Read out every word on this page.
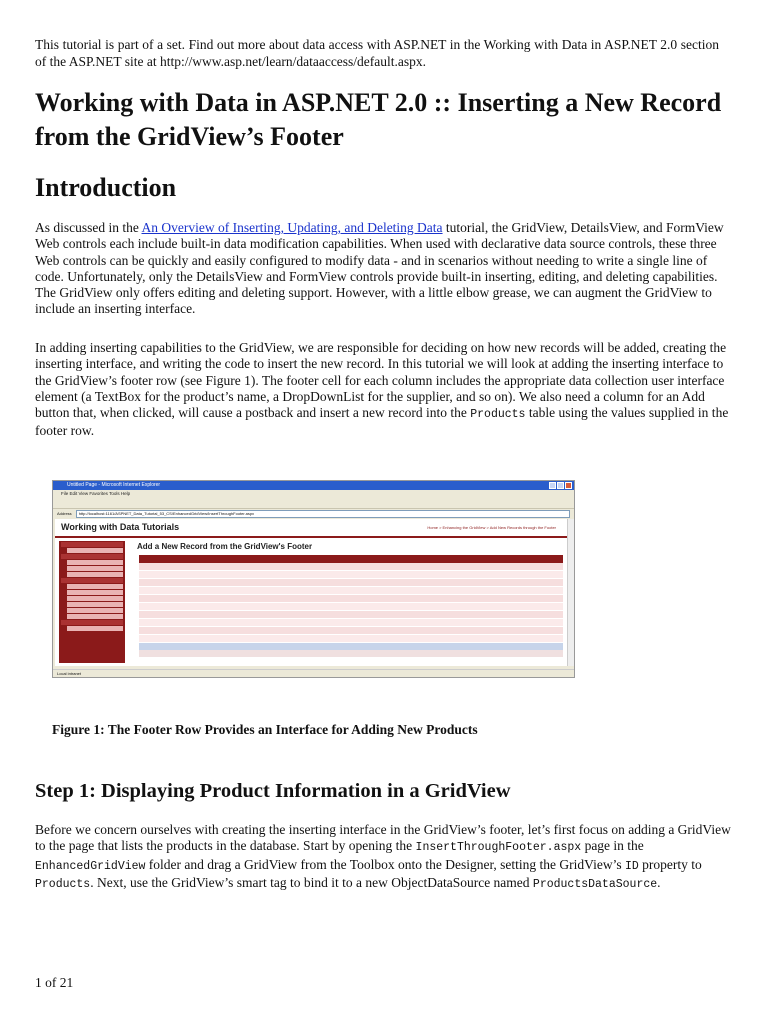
This tutorial is part of a set. Find out more about data access with ASP.NET in the Working with Data in ASP.NET 2.0 section of the ASP.NET site at http://www.asp.net/learn/dataaccess/default.aspx.
Working with Data in ASP.NET 2.0 :: Inserting a New Record from the GridView’s Footer
Introduction

As discussed in the An Overview of Inserting, Updating, and Deleting Data tutorial, the GridView, DetailsView, and FormView Web controls each include built-in data modification capabilities. When used with declarative data source controls, these three Web controls can be quickly and easily configured to modify data - and in scenarios without needing to write a single line of code. Unfortunately, only the DetailsView and FormView controls provide built-in inserting, editing, and deleting capabilities. The GridView only offers editing and deleting support. However, with a little elbow grease, we can augment the GridView to include an inserting interface.

In adding inserting capabilities to the GridView, we are responsible for deciding on how new records will be added, creating the inserting interface, and writing the code to insert the new record. In this tutorial we will look at adding the inserting interface to the GridView’s footer row (see Figure 1). The footer cell for each column includes the appropriate data collection user interface element (a TextBox for the product’s name, a DropDownList for the supplier, and so on). We also need a column for an Add button that, when clicked, will cause a postback and insert a new record into the Products table using the values supplied in the footer row.

Untitled Page - Microsoft Internet Explorer
File Edit View Favorites Tools Help
Address	http://localhost:1161/ASPNET_Data_Tutorial_53_CS/EnhancedGridView/InsertThroughFooter.aspx
Working with Data Tutorials	Home > Enhancing the GridView > Add New Records through the Footer
Add a New Record from the GridView's Footer
Local intranet

Figure 1: The Footer Row Provides an Interface for Adding New Products

Step 1: Displaying Product Information in a GridView

Before we concern ourselves with creating the inserting interface in the GridView’s footer, let’s first focus on adding a GridView to the page that lists the products in the database. Start by opening the InsertThroughFooter.aspx page in the EnhancedGridView folder and drag a GridView from the Toolbox onto the Designer, setting the GridView’s ID property to Products. Next, use the GridView’s smart tag to bind it to a new ObjectDataSource named ProductsDataSource.

1 of 21
